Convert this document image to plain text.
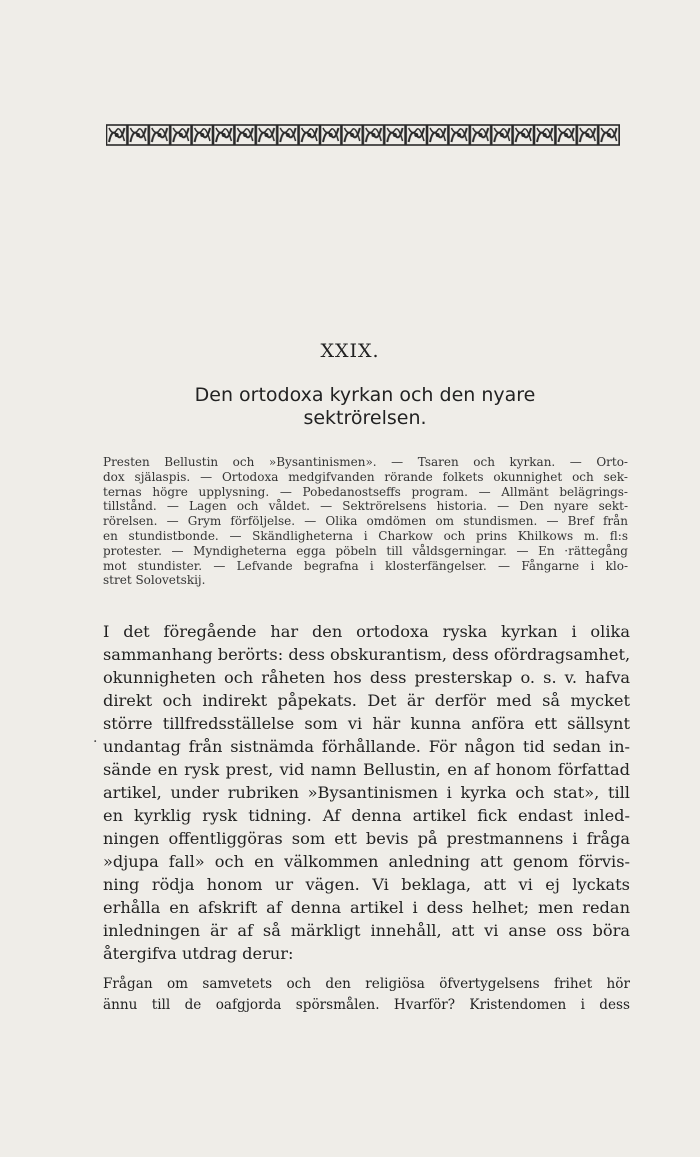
XXIX.
Den ortodoxa kyrkan och den nyare
sektrörelsen.
Presten Bellustin och »Bysantinismen». — Tsaren och kyrkan. — Orto-
dox själaspis. — Ortodoxa medgifvanden rörande folkets okunnighet och sek-
ternas högre upplysning. — Pobedanostseffs program. — Allmänt belägrings-
tillstånd. — Lagen och våldet. — Sektrörelsens historia. — Den nyare sekt-
rörelsen. — Grym förföljelse. — Olika omdömen om stundismen. — Bref från
en stundistbonde. — Skändligheterna i Charkow och prins Khilkows m. fl:s
protester. — Myndigheterna egga pöbeln till våldsgerningar. — En ·rättegång
mot stundister. — Lefvande begrafna i klosterfängelser. — Fångarne i klo-
stret Solovetskij.
·
I det föregående har den ortodoxa ryska kyrkan i olika
sammanhang berörts: dess obskurantism, dess ofördragsamhet,
okunnigheten och råheten hos dess presterskap o. s. v. hafva
direkt och indirekt påpekats. Det är derför med så mycket
större tillfredsställelse som vi här kunna anföra ett sällsynt
undantag från sistnämda förhållande. För någon tid sedan in-
sände en rysk prest, vid namn Bellustin, en af honom författad
artikel, under rubriken »Bysantinismen i kyrka och stat», till
en kyrklig rysk tidning. Af denna artikel fick endast inled-
ningen offentliggöras som ett bevis på prestmannens i fråga
»djupa fall» och en välkommen anledning att genom förvis-
ning rödja honom ur vägen. Vi beklaga, att vi ej lyckats
erhålla en afskrift af denna artikel i dess helhet; men redan
inledningen är af så märkligt innehåll, att vi anse oss böra
återgifva utdrag derur:
Frågan om samvetets och den religiösa öfvertygelsens frihet hör
ännu till de oafgjorda spörsmålen. Hvarför? Kristendomen i dess
